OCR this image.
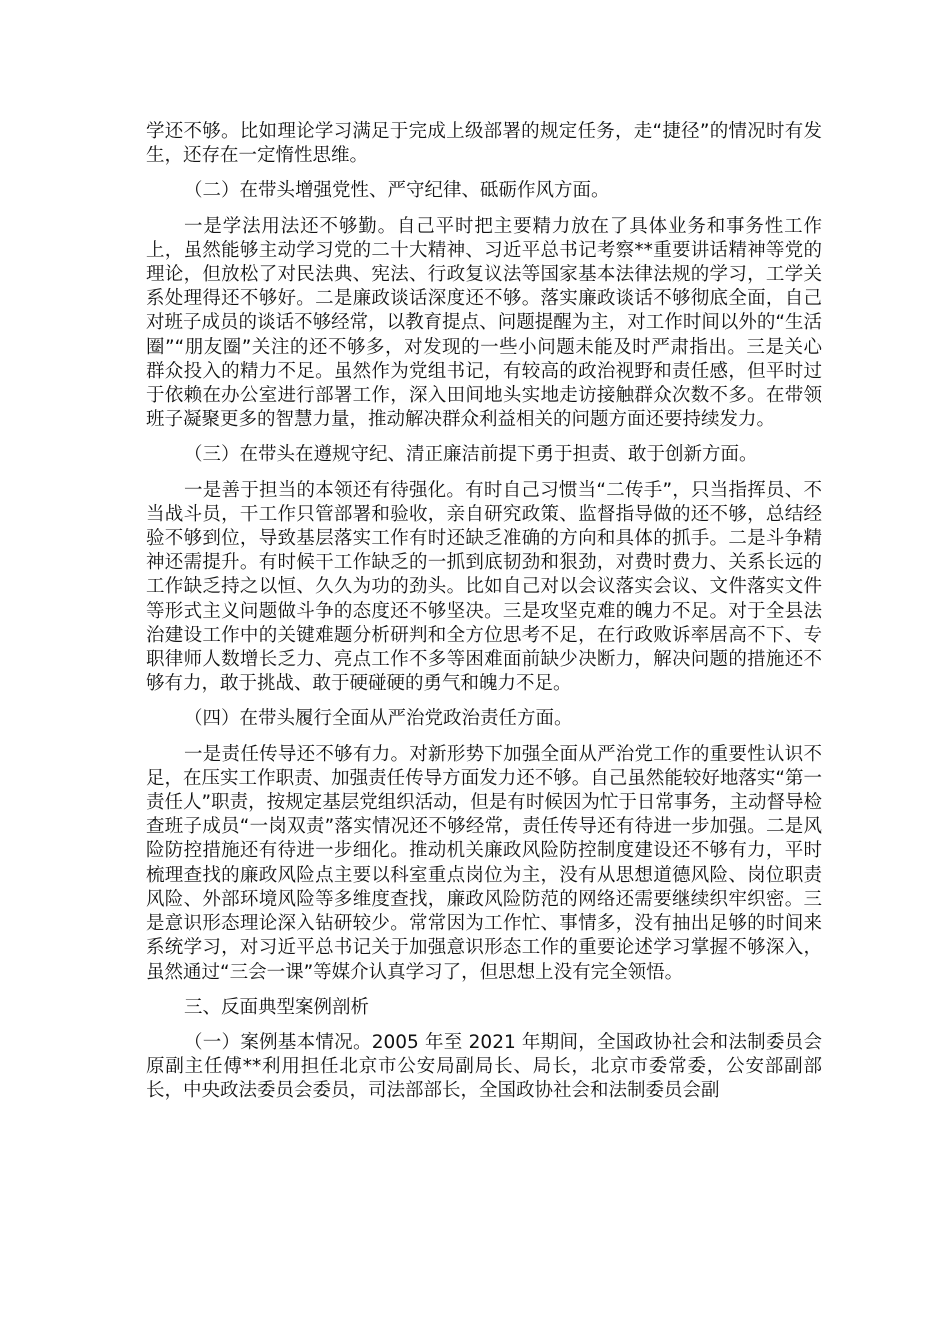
学还不够。比如理论学习满足于完成上级部署的规定任务，走“捷径”的情况时有发生，还存在一定惰性思维。

（二）在带头增强党性、严守纪律、砥砺作风方面。

一是学法用法还不够勤。自己平时把主要精力放在了具体业务和事务性工作上，虽然能够主动学习党的二十大精神、习近平总书记考察**重要讲话精神等党的理论，但放松了对民法典、宪法、行政复议法等国家基本法律法规的学习，工学关系处理得还不够好。二是廉政谈话深度还不够。落实廉政谈话不够彻底全面，自己对班子成员的谈话不够经常，以教育提点、问题提醒为主，对工作时间以外的“生活圈”“朋友圈”关注的还不够多，对发现的一些小问题未能及时严肃指出。三是关心群众投入的精力不足。虽然作为党组书记，有较高的政治视野和责任感，但平时过于依赖在办公室进行部署工作，深入田间地头实地走访接触群众次数不多。在带领班子凝聚更多的智慧力量，推动解决群众利益相关的问题方面还要持续发力。

（三）在带头在遵规守纪、清正廉洁前提下勇于担责、敢于创新方面。

一是善于担当的本领还有待强化。有时自己习惯当“二传手”，只当指挥员、不当战斗员，干工作只管部署和验收，亲自研究政策、监督指导做的还不够，总结经验不够到位，导致基层落实工作有时还缺乏准确的方向和具体的抓手。二是斗争精神还需提升。有时候干工作缺乏的一抓到底韧劲和狠劲，对费时费力、关系长远的工作缺乏持之以恒、久久为功的劲头。比如自己对以会议落实会议、文件落实文件等形式主义问题做斗争的态度还不够坚决。三是攻坚克难的魄力不足。对于全县法治建设工作中的关键难题分析研判和全方位思考不足，在行政败诉率居高不下、专职律师人数增长乏力、亮点工作不多等困难面前缺少决断力，解决问题的措施还不够有力，敢于挑战、敢于硬碰硬的勇气和魄力不足。

（四）在带头履行全面从严治党政治责任方面。

一是责任传导还不够有力。对新形势下加强全面从严治党工作的重要性认识不足，在压实工作职责、加强责任传导方面发力还不够。自己虽然能较好地落实“第一责任人”职责，按规定基层党组织活动，但是有时候因为忙于日常事务，主动督导检查班子成员“一岗双责”落实情况还不够经常，责任传导还有待进一步加强。二是风险防控措施还有待进一步细化。推动机关廉政风险防控制度建设还不够有力，平时梳理查找的廉政风险点主要以科室重点岗位为主，没有从思想道德风险、岗位职责风险、外部环境风险等多维度查找，廉政风险防范的网络还需要继续织牢织密。三是意识形态理论深入钻研较少。常常因为工作忙、事情多，没有抽出足够的时间来系统学习，对习近平总书记关于加强意识形态工作的重要论述学习掌握不够深入，虽然通过“三会一课”等媒介认真学习了，但思想上没有完全领悟。

三、反面典型案例剖析

（一）案例基本情况。2005 年至 2021 年期间，全国政协社会和法制委员会原副主任傅**利用担任北京市公安局副局长、局长，北京市委常委，公安部副部长，中央政法委员会委员，司法部部长，全国政协社会和法制委员会副
